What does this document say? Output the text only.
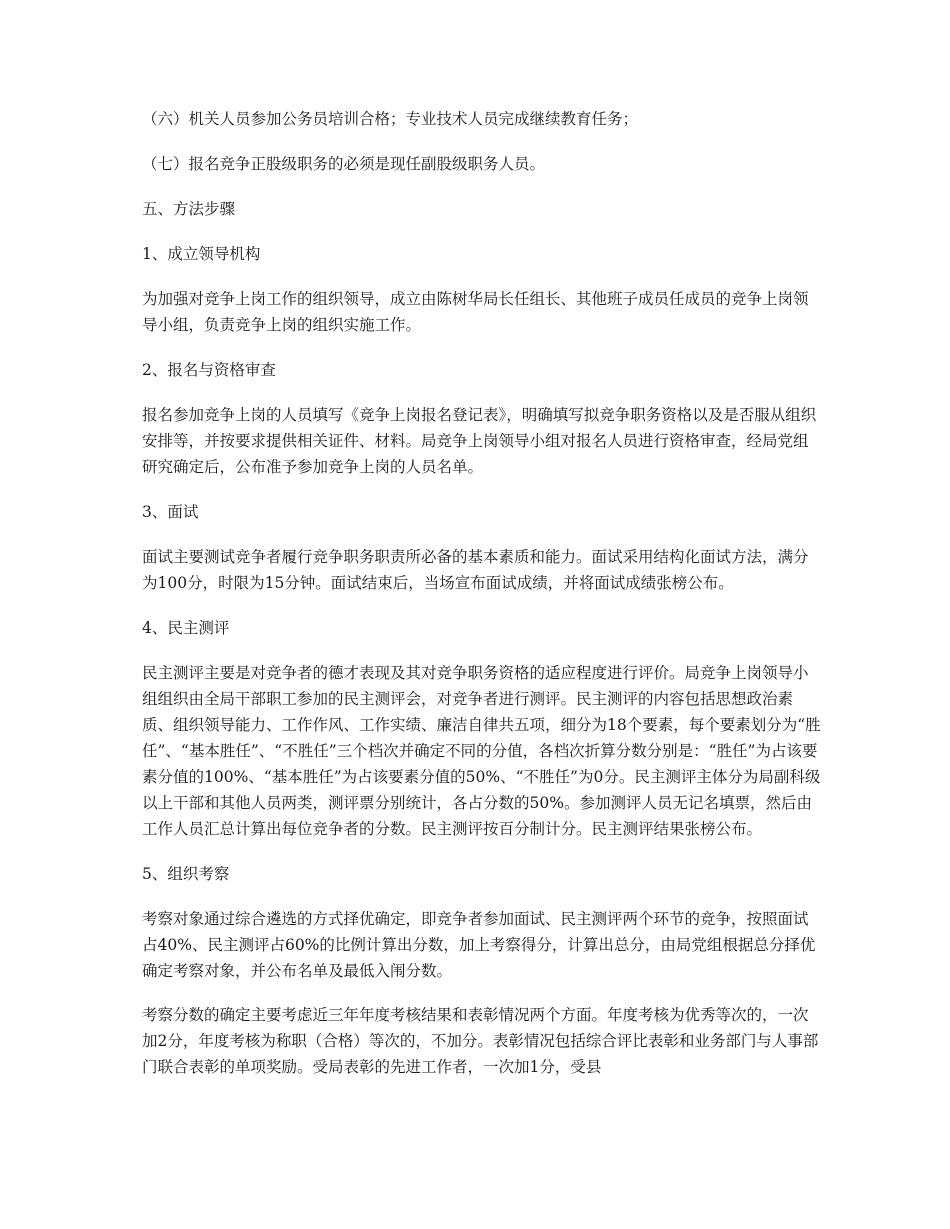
（六）机关人员参加公务员培训合格；专业技术人员完成继续教育任务；

（七）报名竞争正股级职务的必须是现任副股级职务人员。

五、方法步骤

1、成立领导机构

为加强对竞争上岗工作的组织领导，成立由陈树华局长任组长、其他班子成员任成员的竞争上岗领导小组，负责竞争上岗的组织实施工作。

2、报名与资格审查

报名参加竞争上岗的人员填写《竞争上岗报名登记表》，明确填写拟竞争职务资格以及是否服从组织安排等，并按要求提供相关证件、材料。局竞争上岗领导小组对报名人员进行资格审查，经局党组研究确定后，公布准予参加竞争上岗的人员名单。

3、面试

面试主要测试竞争者履行竞争职务职责所必备的基本素质和能力。面试采用结构化面试方法，满分为100分，时限为15分钟。面试结束后，当场宣布面试成绩，并将面试成绩张榜公布。

4、民主测评

民主测评主要是对竞争者的德才表现及其对竞争职务资格的适应程度进行评价。局竞争上岗领导小组组织由全局干部职工参加的民主测评会，对竞争者进行测评。民主测评的内容包括思想政治素质、组织领导能力、工作作风、工作实绩、廉洁自律共五项，细分为18个要素，每个要素划分为“胜任”、“基本胜任”、“不胜任”三个档次并确定不同的分值，各档次折算分数分别是：“胜任”为占该要素分值的100%、“基本胜任”为占该要素分值的50%、“不胜任”为0分。民主测评主体分为局副科级以上干部和其他人员两类，测评票分别统计，各占分数的50%。参加测评人员无记名填票，然后由工作人员汇总计算出每位竞争者的分数。民主测评按百分制计分。民主测评结果张榜公布。

5、组织考察

考察对象通过综合遴选的方式择优确定，即竞争者参加面试、民主测评两个环节的竞争，按照面试占40%、民主测评占60%的比例计算出分数，加上考察得分，计算出总分，由局党组根据总分择优确定考察对象，并公布名单及最低入闱分数。

考察分数的确定主要考虑近三年年度考核结果和表彰情况两个方面。年度考核为优秀等次的，一次加2分，年度考核为称职（合格）等次的，不加分。表彰情况包括综合评比表彰和业务部门与人事部门联合表彰的单项奖励。受局表彰的先进工作者，一次加1分，受县
